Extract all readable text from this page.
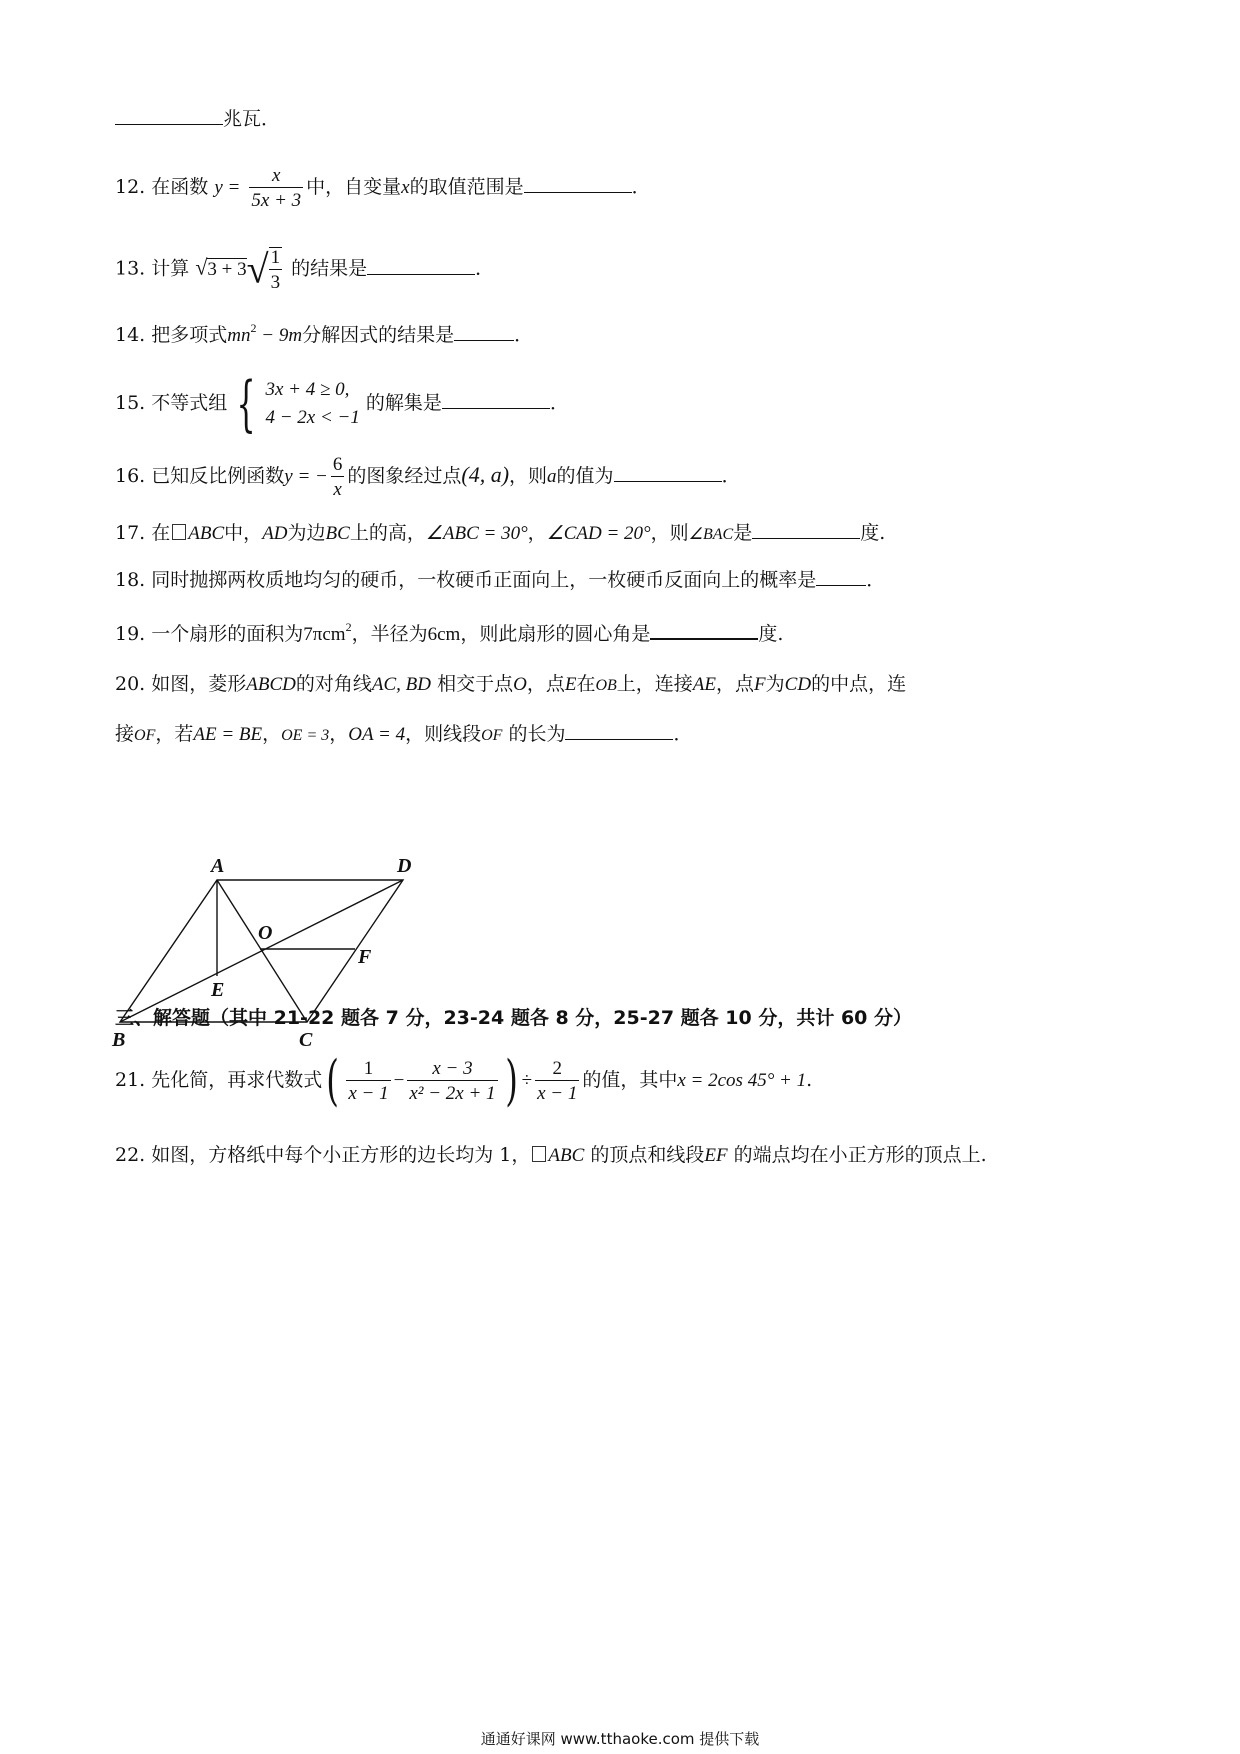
兆瓦．
12. 在函数 $y = \frac{x}{5x + 3}$ 中，自变量x的取值范围是	．
13. 计算 $√3 + 3√ \frac{1}{3}$ 的结果是	．
14. 把多项式$mn^2 - 9m$分解因式的结果是	．
15. 不等式组 { 3x + 4 ≥ 0,
4 − 2x < −1
的解集是	．
16. 已知反比例函数y = − $\frac{6}{x}$ 的图象经过点(4, a)，则a的值为	．
17. 在 ABC中，AD为边BC上的高，∠ABC = 30°，∠CAD = 20°，则∠BAC是	度.
18. 同时抛掷两枚质地均匀的硬币，一枚硬币正面向上，一枚硬币反面向上的概率是	．
19. 一个扇形的面积为7πcm$^2$，半径为6cm，则此扇形的圆心角是	度.
20. 如图，菱形ABCD的对角线AC, BD 相交于点O，点E在OB上，连接AE，点F为CD的中点，连
接OF，若AE = BE，OE = 3，OA = 4，则线段OF 的长为	．
A	D
O
F
E
B	C
三、解答题（其中 21-22 题各 7 分，23-24 题各 8 分，25-27 题各 10 分，共计 60 分）
21. 先化简，再求代数式( $\frac{1}{x - 1} - \frac{x - 3}{\text{x² − 2x + 1}}$ ) ÷ $\frac{2}{x - 1}$ 的值，其中x = 2cos 45° + 1.
22. 如图，方格纸中每个小正方形的边长均为 1， ABC 的顶点和线段EF 的端点均在小正方形的顶点上.
通通好课网 www.tthaoke.com 提供下载
